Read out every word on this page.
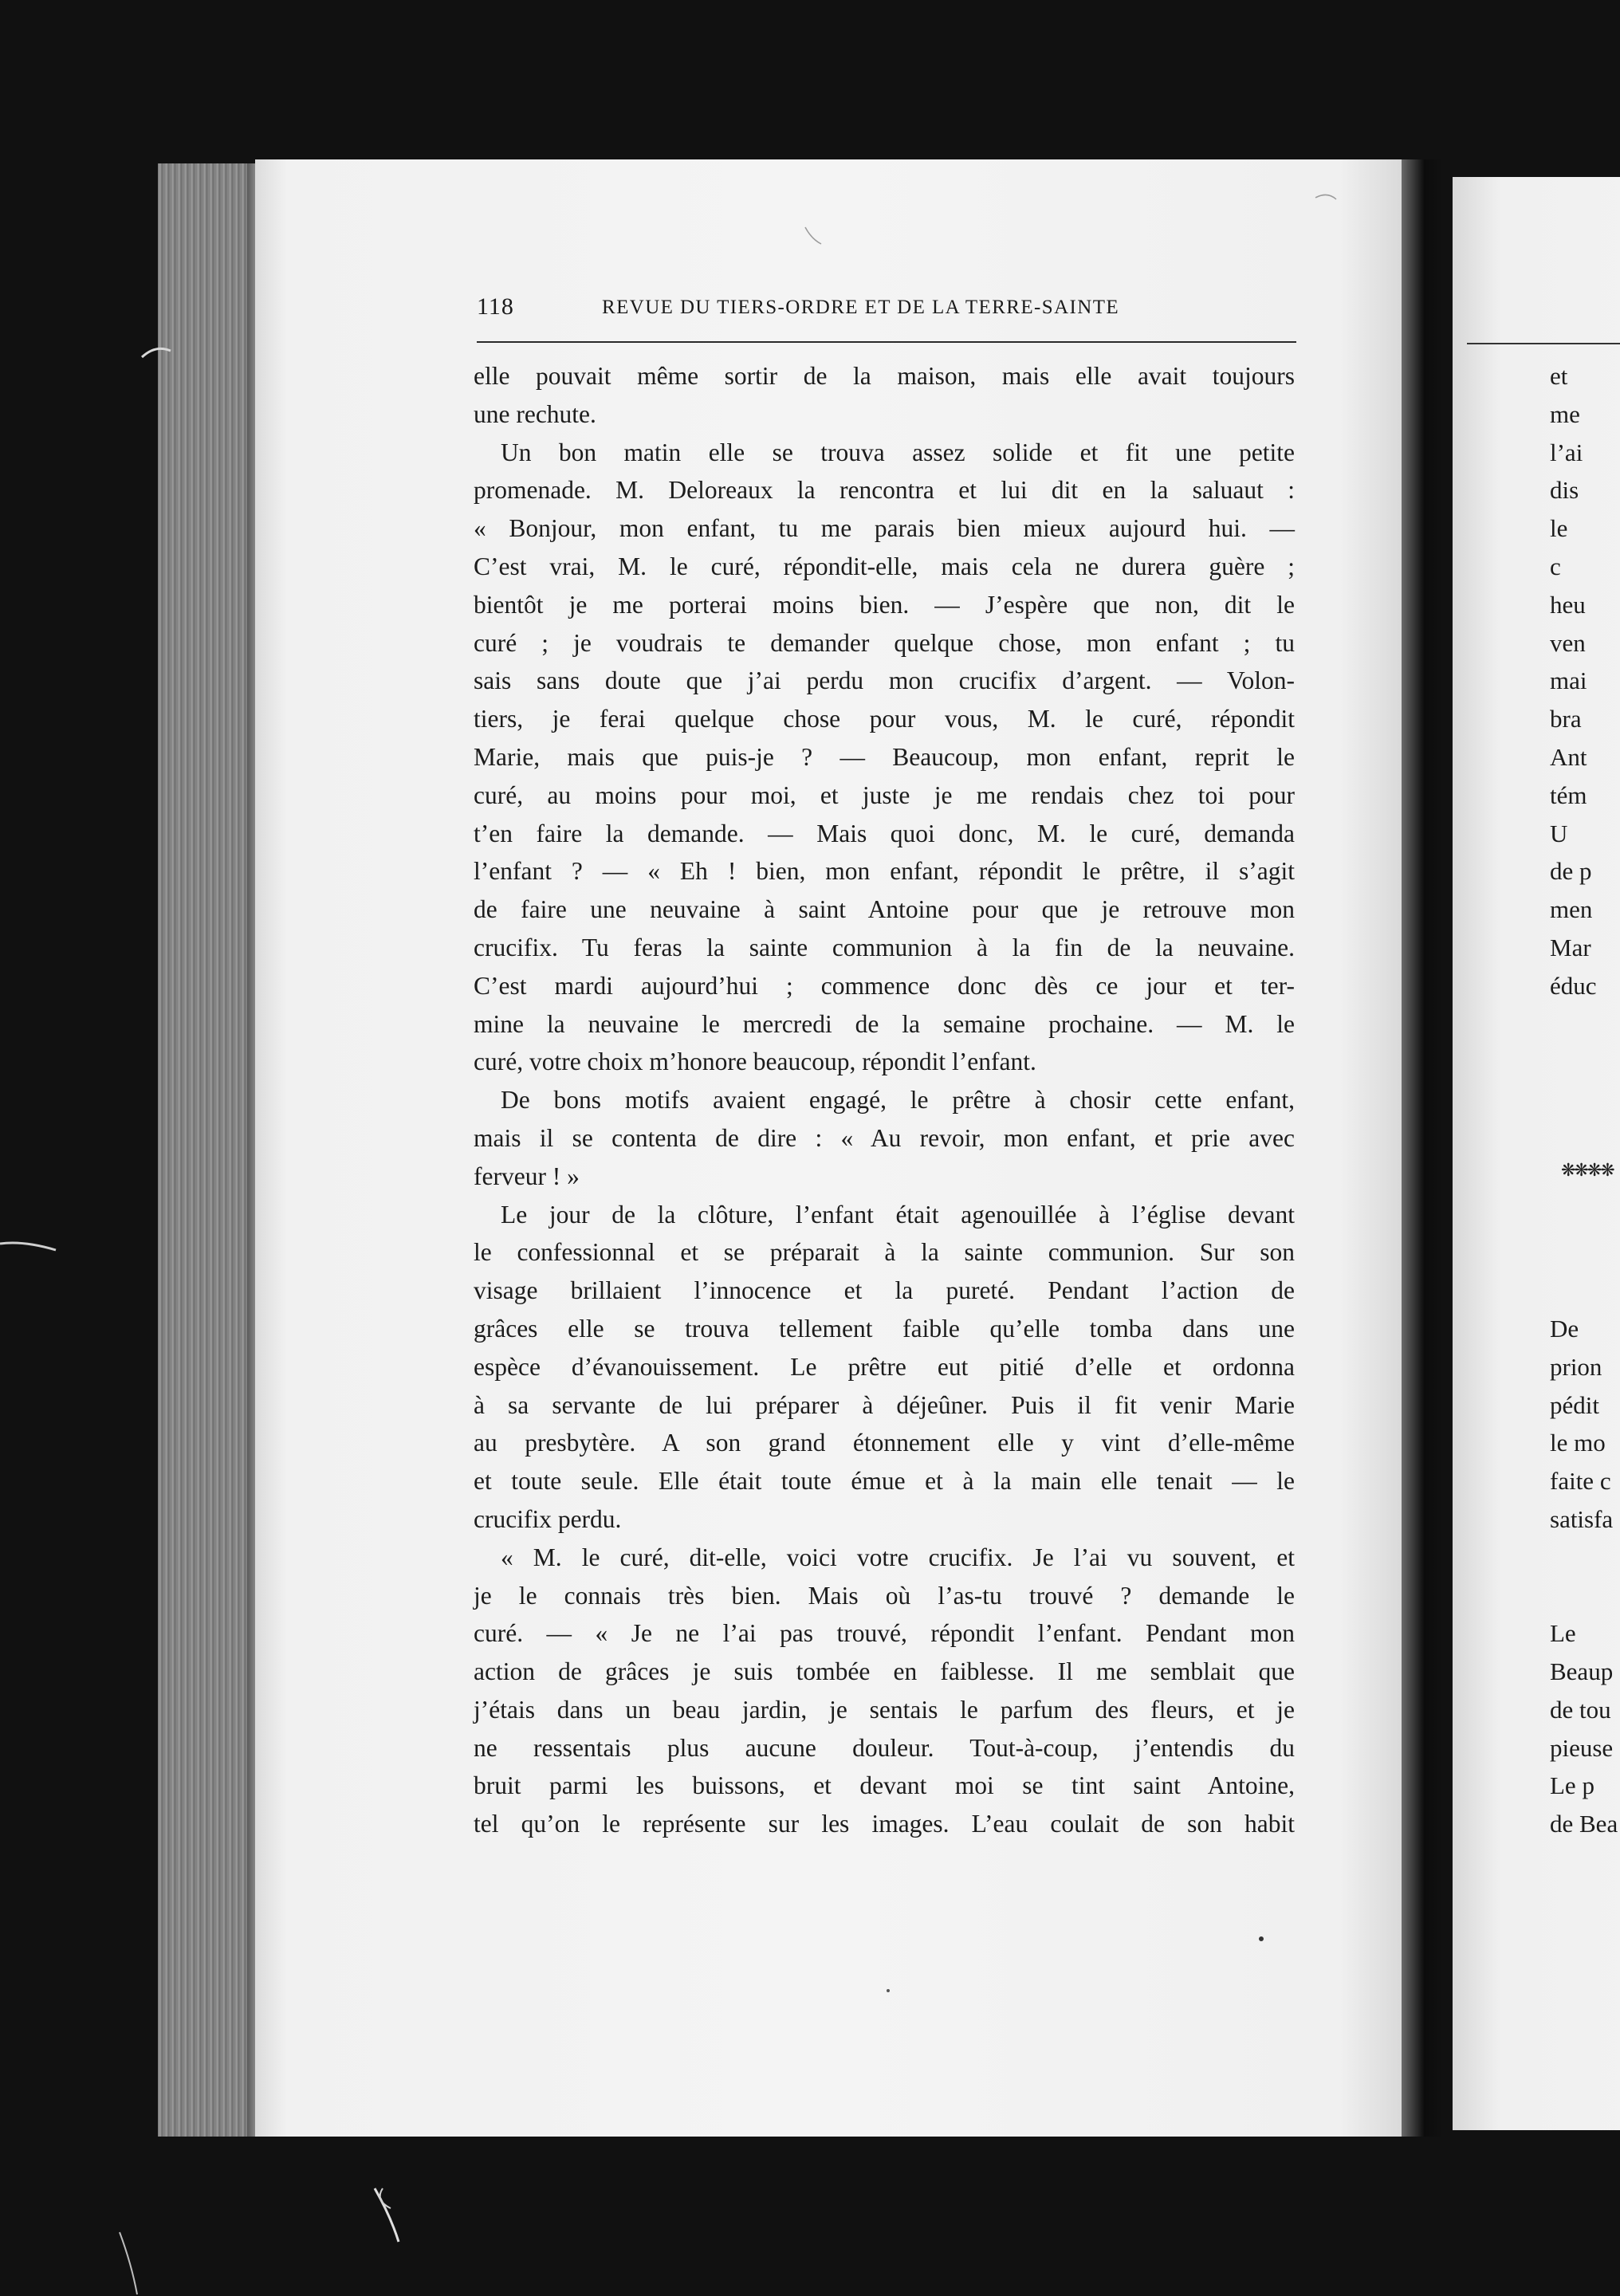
118	REVUE DU TIERS-ORDRE ET DE LA TERRE-SAINTE
elle pouvait même sortir de la maison, mais elle avait toujours
une rechute.
Un bon matin elle se trouva assez solide et fit une petite
promenade. M. Deloreaux la rencontra et lui dit en la saluaut :
« Bonjour, mon enfant, tu me parais bien mieux aujourd hui. —
C’est vrai, M. le curé, répondit-elle, mais cela ne durera guère ;
bientôt je me porterai moins bien. — J’espère que non, dit le
curé ; je voudrais te demander quelque chose, mon enfant ; tu
sais sans doute que j’ai perdu mon crucifix d’argent. — Volon-
tiers, je ferai quelque chose pour vous, M. le curé, répondit
Marie, mais que puis-je ? — Beaucoup, mon enfant, reprit le
curé, au moins pour moi, et juste je me rendais chez toi pour
t’en faire la demande. — Mais quoi donc, M. le curé, demanda
l’enfant ? — « Eh ! bien, mon enfant, répondit le prêtre, il s’agit
de faire une neuvaine à saint Antoine pour que je retrouve mon
crucifix. Tu feras la sainte communion à la fin de la neuvaine.
C’est mardi aujourd’hui ; commence donc dès ce jour et ter-
mine la neuvaine le mercredi de la semaine prochaine. — M. le
curé, votre choix m’honore beaucoup, répondit l’enfant.
De bons motifs avaient engagé, le prêtre à chosir cette enfant,
mais il se contenta de dire : « Au revoir, mon enfant, et prie avec
ferveur ! »
Le jour de la clôture, l’enfant était agenouillée à l’église devant
le confessionnal et se préparait à la sainte communion. Sur son
visage brillaient l’innocence et la pureté. Pendant l’action de
grâces elle se trouva tellement faible qu’elle tomba dans une
espèce d’évanouissement. Le prêtre eut pitié d’elle et ordonna
à sa servante de lui préparer à déjeûner. Puis il fit venir Marie
au presbytère. A son grand étonnement elle y vint d’elle-même
et toute seule. Elle était toute émue et à la main elle tenait — le
crucifix perdu.
« M. le curé, dit-elle, voici votre crucifix. Je l’ai vu souvent, et
je le connais très bien. Mais où l’as-tu trouvé ? demande le
curé. — « Je ne l’ai pas trouvé, répondit l’enfant. Pendant mon
action de grâces je suis tombée en faiblesse. Il me semblait que
j’étais dans un beau jardin, je sentais le parfum des fleurs, et je
ne ressentais plus aucune douleur. Tout-à-coup, j’entendis du
bruit parmi les buissons, et devant moi se tint saint Antoine,
tel qu’on le représente sur les images. L’eau coulait de son habit
et
me
l’ai
dis
le
c
heu
ven
mai
bra
Ant
tém
U
de p
men
Mar
éduc
De
prion
pédit
le mo
faite c
satisfa
Le
Beaup
de tou
pieuse
Le p
de Bea
❋❋❋❋
